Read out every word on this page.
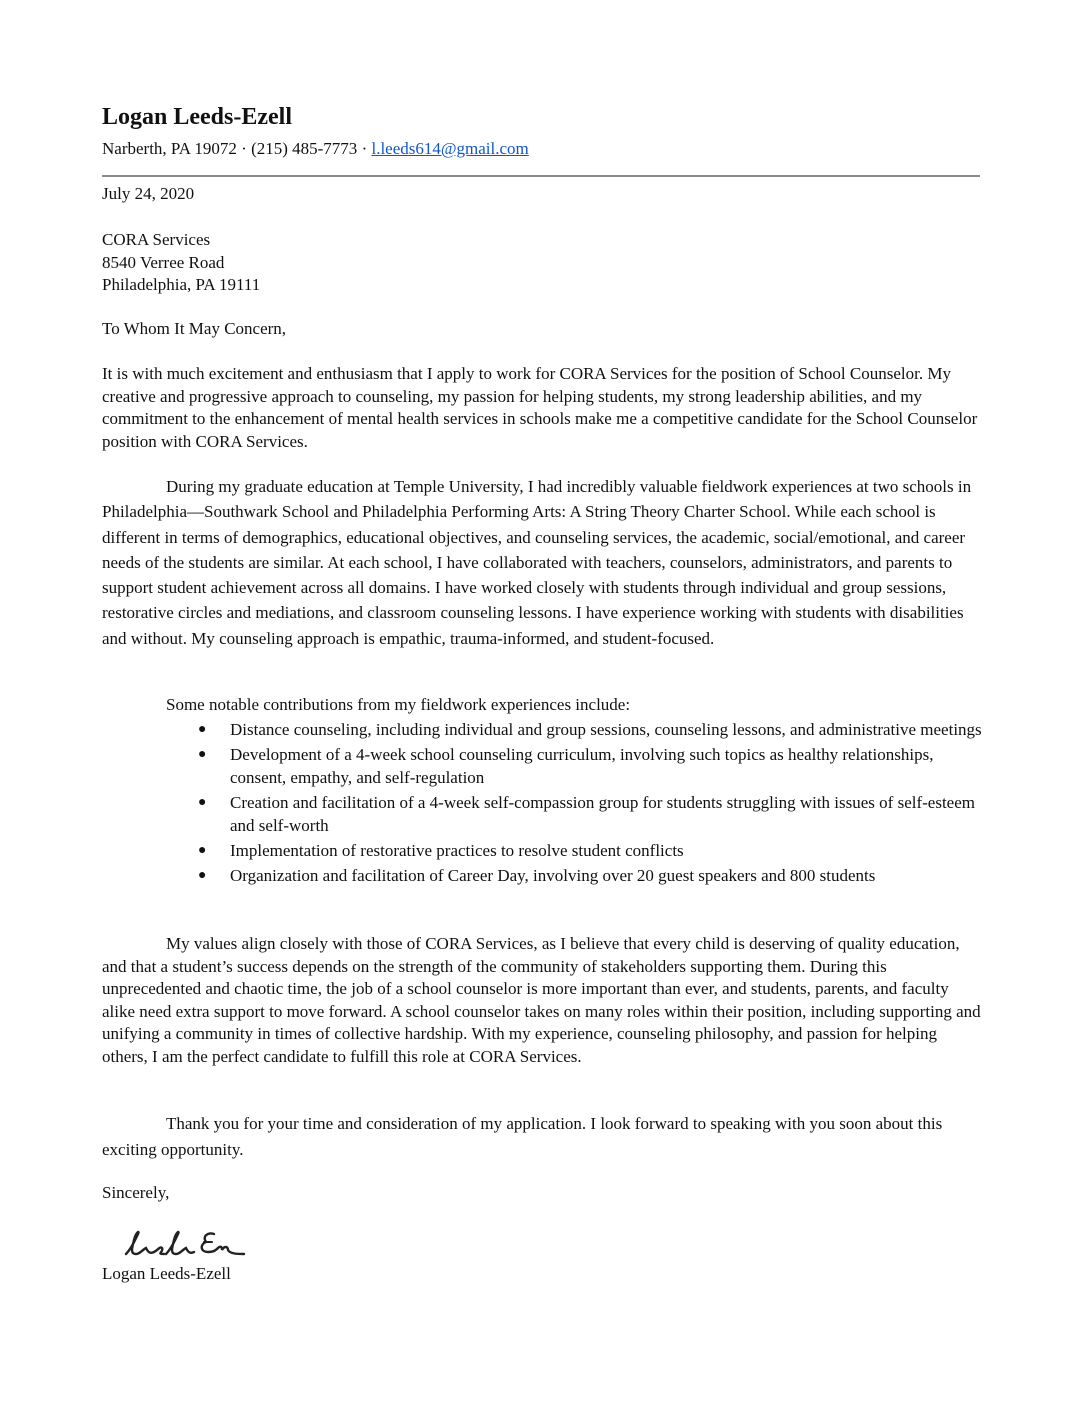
Logan Leeds-Ezell
Narberth, PA 19072 · (215) 485-7773 · l.leeds614@gmail.com

July 24, 2020

CORA Services
8540 Verree Road
Philadelphia, PA 19111

To Whom It May Concern,

It is with much excitement and enthusiasm that I apply to work for CORA Services for the position of School Counselor. My creative and progressive approach to counseling, my passion for helping students, my strong leadership abilities, and my commitment to the enhancement of mental health services in schools make me a competitive candidate for the School Counselor position with CORA Services.

During my graduate education at Temple University, I had incredibly valuable fieldwork experiences at two schools in Philadelphia—Southwark School and Philadelphia Performing Arts: A String Theory Charter School. While each school is different in terms of demographics, educational objectives, and counseling services, the academic, social/emotional, and career needs of the students are similar. At each school, I have collaborated with teachers, counselors, administrators, and parents to support student achievement across all domains. I have worked closely with students through individual and group sessions, restorative circles and mediations, and classroom counseling lessons. I have experience working with students with disabilities and without. My counseling approach is empathic, trauma-informed, and student-focused.

Some notable contributions from my fieldwork experiences include:

● Distance counseling, including individual and group sessions, counseling lessons, and administrative meetings
● Development of a 4-week school counseling curriculum, involving such topics as healthy relationships, consent, empathy, and self-regulation
● Creation and facilitation of a 4-week self-compassion group for students struggling with issues of self-esteem and self-worth
● Implementation of restorative practices to resolve student conflicts
● Organization and facilitation of Career Day, involving over 20 guest speakers and 800 students

My values align closely with those of CORA Services, as I believe that every child is deserving of quality education, and that a student’s success depends on the strength of the community of stakeholders supporting them. During this unprecedented and chaotic time, the job of a school counselor is more important than ever, and students, parents, and faculty alike need extra support to move forward. A school counselor takes on many roles within their position, including supporting and unifying a community in times of collective hardship. With my experience, counseling philosophy, and passion for helping others, I am the perfect candidate to fulfill this role at CORA Services.

Thank you for your time and consideration of my application. I look forward to speaking with you soon about this exciting opportunity.

Sincerely,

Logan Leeds-Ezell
